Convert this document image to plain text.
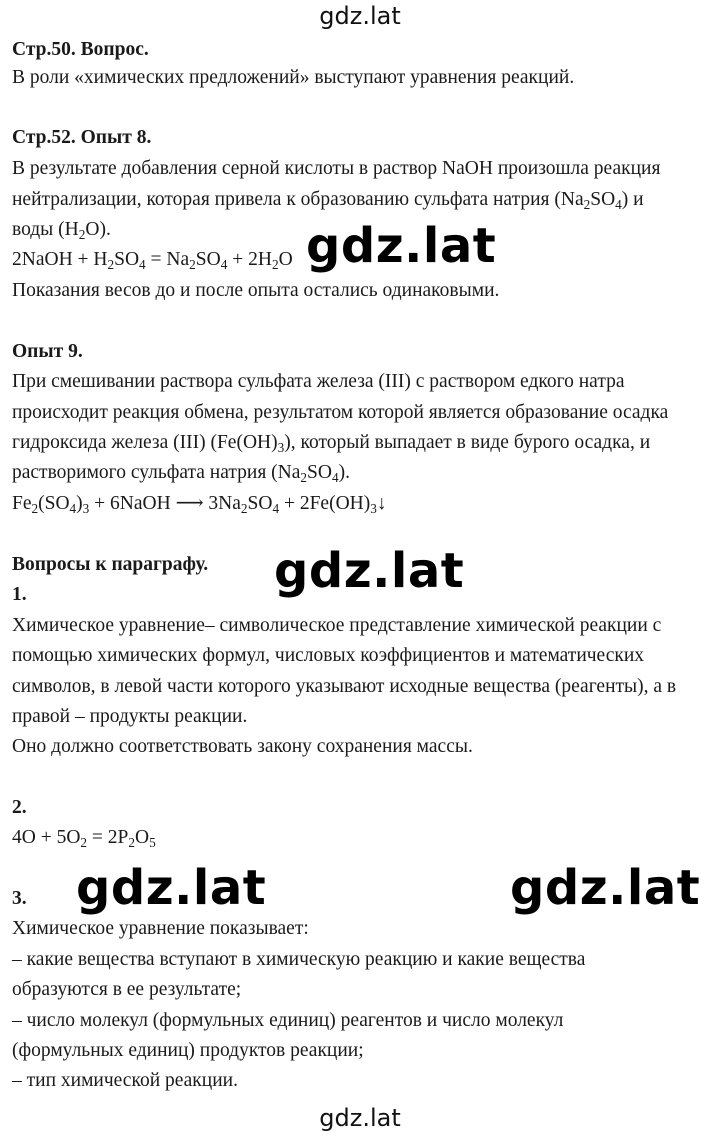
gdz.lat
gdz.lat
gdz.lat
gdz.lat	gdz.lat
gdz.lat
Стр.50. Вопрос.
В роли «химических предложений» выступают уравнения реакций.
Стр.52. Опыт 8.
В результате добавления серной кислоты в раствор NaOH произошла реакция
нейтрализации, которая привела к образованию сульфата натрия $(Na_2SO_4)$ и
воды $(H_2O)$.
2NaOH + $H_2SO_4 = Na_2SO_4 + 2H_2O$
Показания весов до и после опыта остались одинаковыми.
Опыт 9.
При смешивании раствора сульфата железа (III) с раствором едкого натра
происходит реакция обмена, результатом которой является образование осадка
гидроксида железа (III) $(Fe(OH)_3)$, который выпадает в виде бурого осадка, и
растворимого сульфата натрия $(Na_2SO_4)$.
$Fe_2(SO_4)_3$ + 6NaOH ⟶ $3Na_2SO_4$ + $2Fe(OH)_3↓$
Вопросы к параграфу.
1.
Химическое уравнение– символическое представление химической реакции с
помощью химических формул, числовых коэффициентов и математических
символов, в левой части которого указывают исходные вещества (реагенты), а в
правой – продукты реакции.
Оно должно соответствовать закону сохранения массы.
2.
$4O + 5O_2 = 2P_2O_5$
3.
Химическое уравнение показывает:
– какие вещества вступают в химическую реакцию и какие вещества
образуются в ее результате;
– число молекул (формульных единиц) реагентов и число молекул
(формульных единиц) продуктов реакции;
– тип химической реакции.
